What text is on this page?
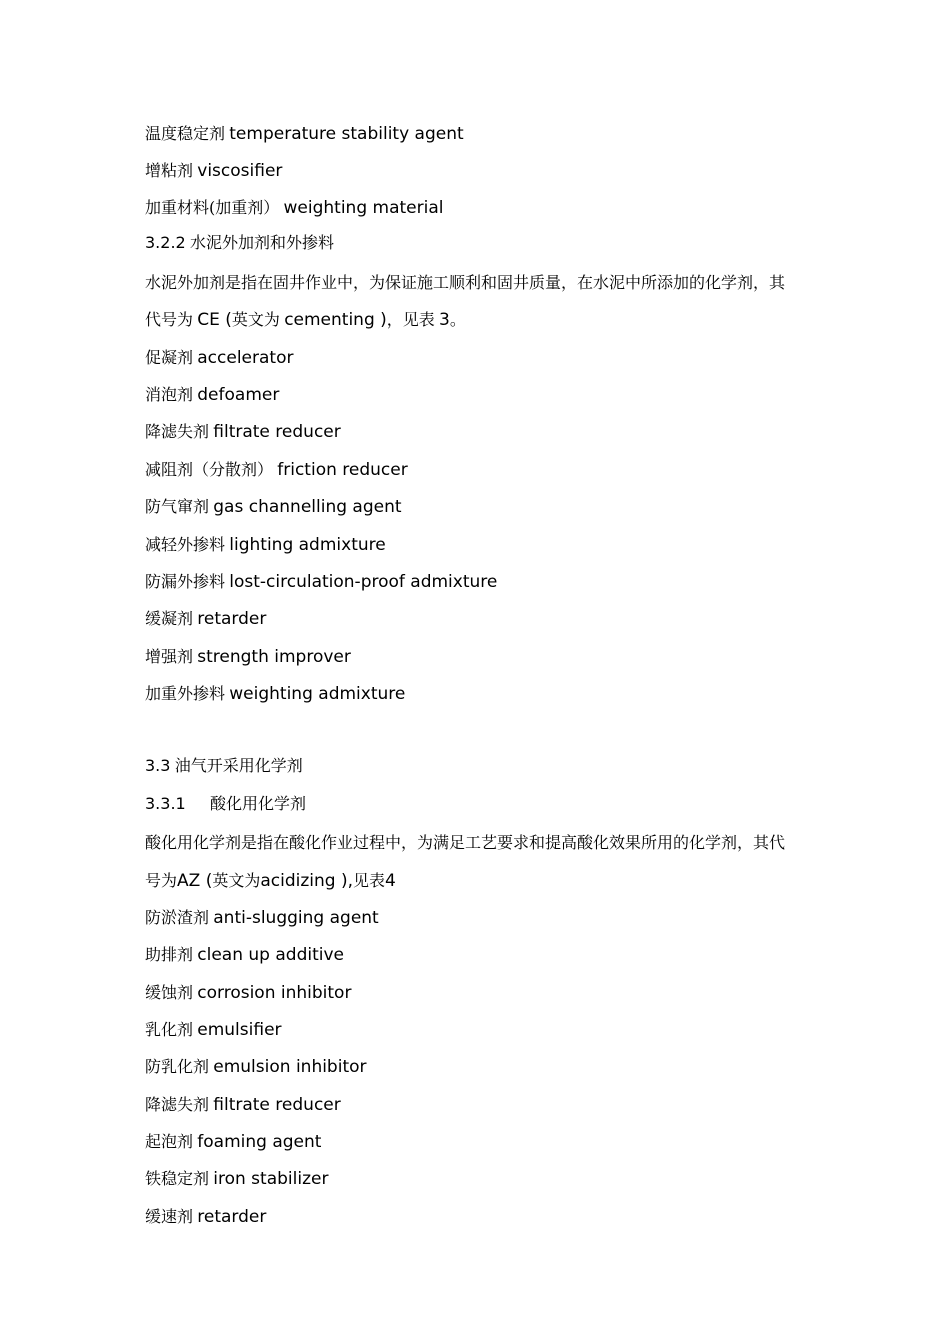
温度稳定剂 temperature stability agent
增粘剂 viscosifier
加重材料(加重剂） weighting material
3.2.2 水泥外加剂和外掺料
水泥外加剂是指在固井作业中，为保证施工顺利和固井质量，在水泥中所添加的化学剂，其
代号为 CE (英文为 cementing )，见表 3。
促凝剂 accelerator
消泡剂 defoamer
降滤失剂 filtrate reducer
减阻剂（分散剂） friction reducer
防气窜剂 gas channelling agent
减轻外掺料 lighting admixture
防漏外掺料 lost-circulation-proof admixture
缓凝剂 retarder
增强剂 strength improver
加重外掺料 weighting admixture
3.3 油气开采用化学剂
3.3.1 酸化用化学剂
酸化用化学剂是指在酸化作业过程中，为满足工艺要求和提高酸化效果所用的化学剂，其代
号为AZ (英文为acidizing ),见表4
防淤渣剂 anti-slugging agent
助排剂 clean up additive
缓蚀剂 corrosion inhibitor
乳化剂 emulsifier
防乳化剂 emulsion inhibitor
降滤失剂 filtrate reducer
起泡剂 foaming agent
铁稳定剂 iron stabilizer
缓速剂 retarder
